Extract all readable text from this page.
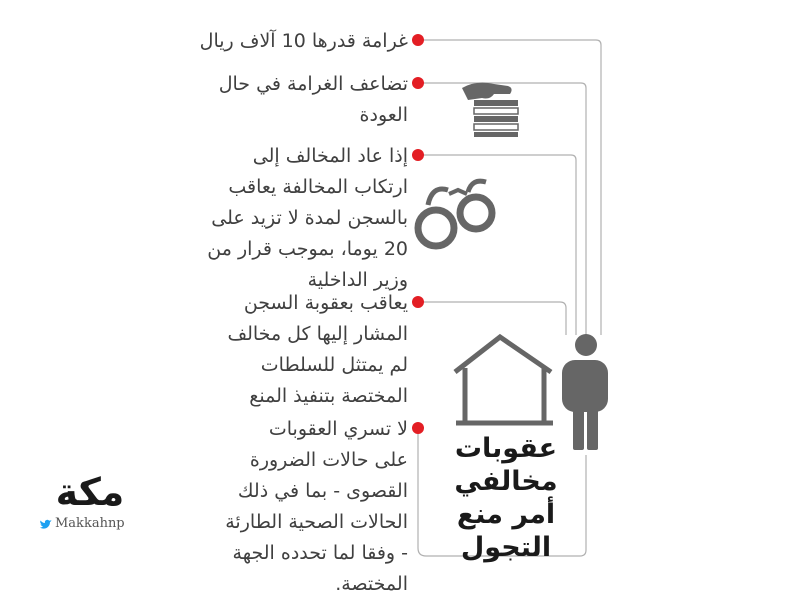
غرامة قدرها 10 آلاف ريال
تضاعف الغرامة في حال
العودة
إذا عاد المخالف إلى
ارتكاب المخالفة يعاقب
بالسجن لمدة لا تزيد على
20 يوما، بموجب قرار من
وزير الداخلية
يعاقب بعقوبة السجن
المشار إليها كل مخالف
لم يمتثل للسلطات
المختصة بتنفيذ المنع
لا تسري العقوبات
على حالات الضرورة
القصوى - بما في ذلك
الحالات الصحية الطارئة
- وفقا لما تحدده الجهة
المختصة.
عقوبات
مخالفي
أمر منع
التجول
مكة
Makkahnp
